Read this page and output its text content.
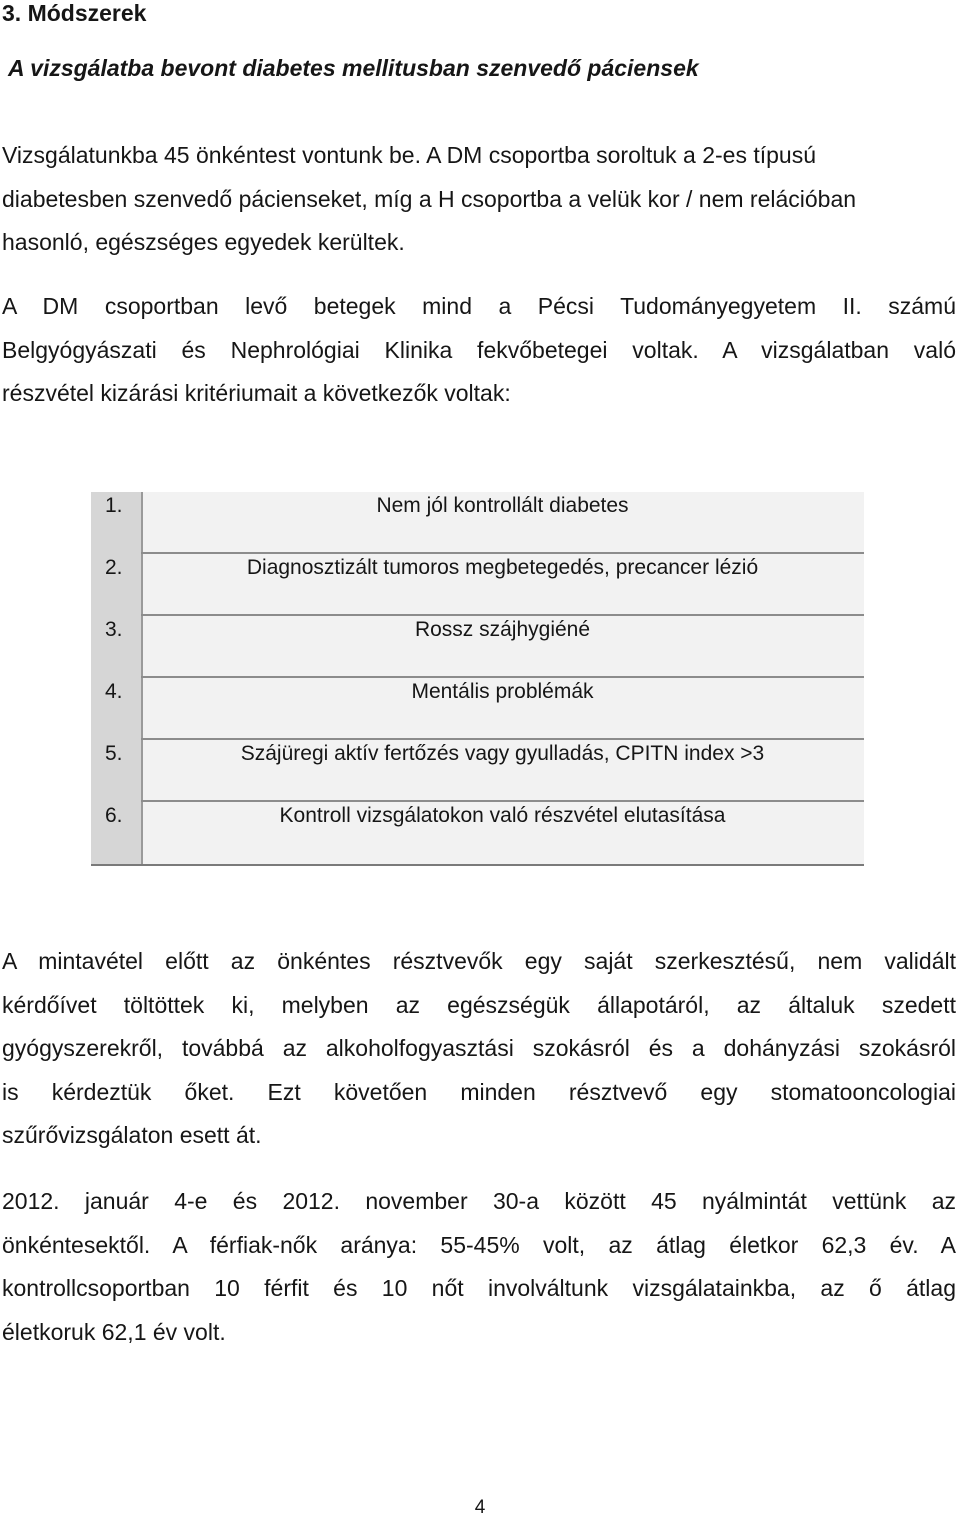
3. Módszerek
A vizsgálatba bevont diabetes mellitusban szenvedő páciensek
Vizsgálatunkba 45 önkéntest vontunk be. A DM csoportba soroltuk a 2-es típusú
diabetesben szenvedő pácienseket, míg a H csoportba a velük kor / nem relációban
hasonló, egészséges egyedek kerültek.
A DM csoportban levő betegek mind a Pécsi Tudományegyetem II. számú
Belgyógyászati és Nephrológiai Klinika fekvőbetegei voltak. A vizsgálatban való
részvétel kizárási kritériumait a következők voltak:
1.	Nem jól kontrollált diabetes
2.	Diagnosztizált tumoros megbetegedés, precancer lézió
3.	Rossz szájhygiéné
4.	Mentális problémák
5.	Szájüregi aktív fertőzés vagy gyulladás, CPITN index >3
6.	Kontroll vizsgálatokon való részvétel elutasítása
A mintavétel előtt az önkéntes résztvevők egy saját szerkesztésű, nem validált
kérdőívet töltöttek ki, melyben az egészségük állapotáról, az általuk szedett
gyógyszerekről, továbbá az alkoholfogyasztási szokásról és a dohányzási szokásról
is kérdeztük őket. Ezt követően minden résztvevő egy stomatooncologiai
szűrővizsgálaton esett át.
2012. január 4-e és 2012. november 30-a között 45 nyálmintát vettünk az
önkéntesektől. A férfiak-nők aránya: 55-45% volt, az átlag életkor 62,3 év. A
kontrollcsoportban 10 férfit és 10 nőt involváltunk vizsgálatainkba, az ő átlag
életkoruk 62,1 év volt.
4
